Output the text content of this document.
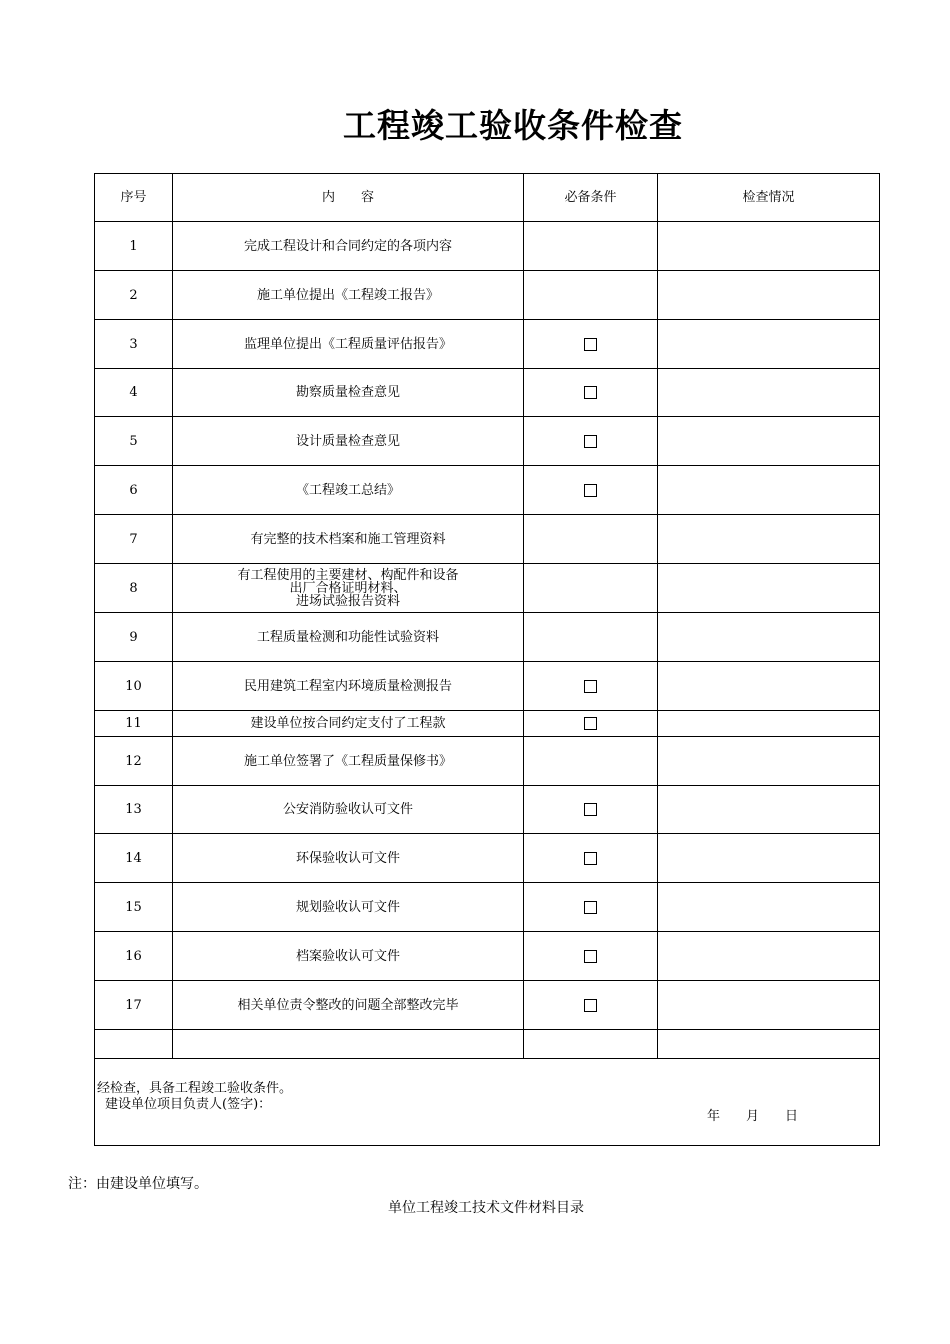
工程竣工验收条件检查
序号	内　　容	必备条件	检查情况
1	完成工程设计和合同约定的各项内容		
2	施工单位提出《工程竣工报告》		
3	监理单位提出《工程质量评估报告》		
4	勘察质量检查意见		
5	设计质量检查意见		
6	《工程竣工总结》		
7	有完整的技术档案和施工管理资料		
8	有工程使用的主要建材、构配件和设备
出厂合格证明材料、
进场试验报告资料		
9	工程质量检测和功能性试验资料		
10	民用建筑工程室内环境质量检测报告		
11	建设单位按合同约定支付了工程款		
12	施工单位签署了《工程质量保修书》		
13	公安消防验收认可文件		
14	环保验收认可文件		
15	规划验收认可文件		
16	档案验收认可文件		
17	相关单位责令整改的问题全部整改完毕		

经检查，具备工程竣工验收条件。
建设单位项目负责人(签字)：
年　　月　　日			
注：由建设单位填写。
单位工程竣工技术文件材料目录
